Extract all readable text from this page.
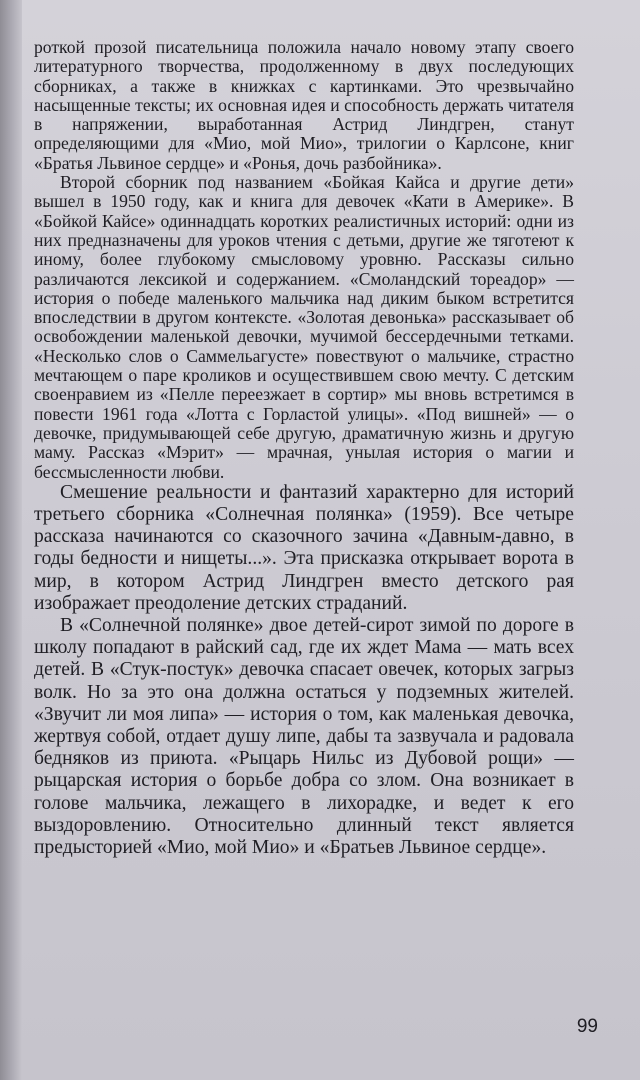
роткой прозой писательница положила начало новому этапу своего литературного творчества, продолженному в двух последующих сборниках, а также в книжках с картинками. Это чрезвычайно насыщенные тексты; их основная идея и способность держать читателя в напряжении, выработанная Астрид Линдгрен, станут определяющими для «Мио, мой Мио», трилогии о Карлсоне, книг «Братья Львиное сердце» и «Ронья, дочь разбойника».

Второй сборник под названием «Бойкая Кайса и другие дети» вышел в 1950 году, как и книга для девочек «Кати в Америке». В «Бойкой Кайсе» одиннадцать коротких реалистичных историй: одни из них предназначены для уроков чтения с детьми, другие же тяготеют к иному, более глубокому смысловому уровню. Рассказы сильно различаются лексикой и содержанием. «Смоландский тореадор» — история о победе маленького мальчика над диким быком встретится впоследствии в другом контексте. «Золотая девонька» рассказывает об освобождении маленькой девочки, мучимой бессердечными тетками. «Несколько слов о Саммельагусте» повествуют о мальчике, страстно мечтающем о паре кроликов и осуществившем свою мечту. С детским своенравием из «Пелле переезжает в сортир» мы вновь встретимся в повести 1961 года «Лотта с Горластой улицы». «Под вишней» — о девочке, придумывающей себе другую, драматичную жизнь и другую маму. Рассказ «Мэрит» — мрачная, унылая история о магии и бессмысленности любви.

Смешение реальности и фантазий характерно для историй третьего сборника «Солнечная полянка» (1959). Все четыре рассказа начинаются со сказочного зачина «Давным-давно, в годы бедности и нищеты...». Эта присказка открывает ворота в мир, в котором Астрид Линдгрен вместо детского рая изображает преодоление детских страданий.

В «Солнечной полянке» двое детей-сирот зимой по дороге в школу попадают в райский сад, где их ждет Мама — мать всех детей. В «Стук-постук» девочка спасает овечек, которых загрыз волк. Но за это она должна остаться у подземных жителей. «Звучит ли моя липа» — история о том, как маленькая девочка, жертвуя собой, отдает душу липе, дабы та зазвучала и радовала бедняков из приюта. «Рыцарь Нильс из Дубовой рощи» — рыцарская история о борьбе добра со злом. Она возникает в голове мальчика, лежащего в лихорадке, и ведет к его выздоровлению. Относительно длинный текст является предысторией «Мио, мой Мио» и «Братьев Львиное сердце».

99
